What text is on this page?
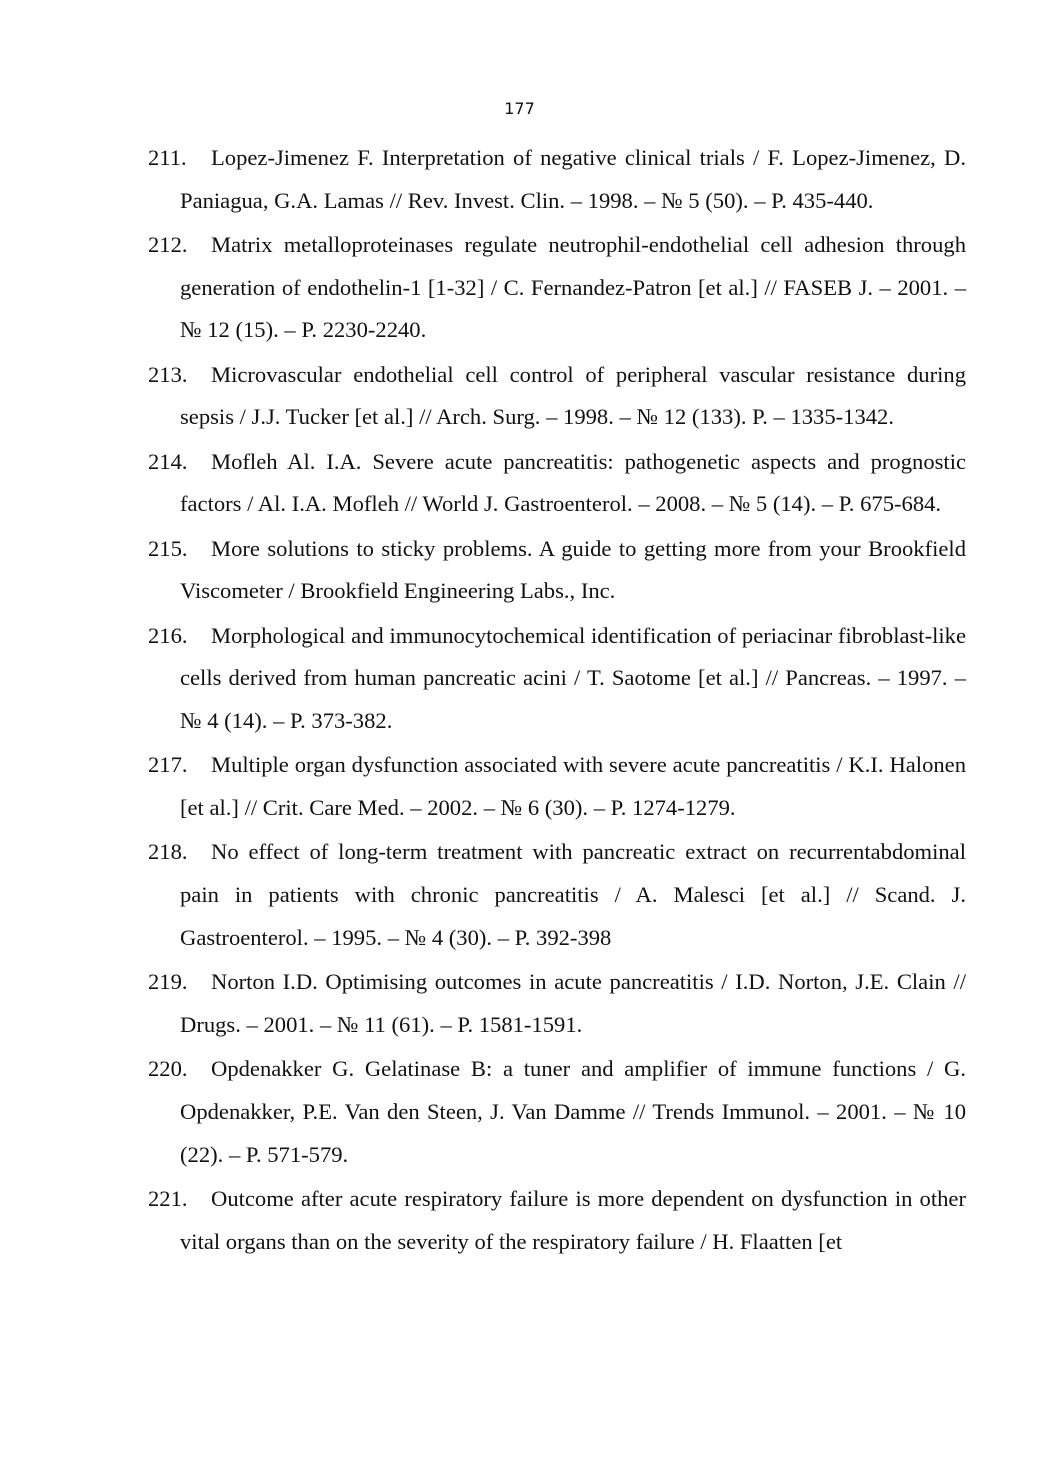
177
211. Lopez-Jimenez F. Interpretation of negative clinical trials / F. Lopez-Jimenez, D. Paniagua, G.A. Lamas // Rev. Invest. Clin. – 1998. – № 5 (50). – P. 435-440.
212. Matrix metalloproteinases regulate neutrophil-endothelial cell adhesion through generation of endothelin-1 [1-32] / C. Fernandez-Patron [et al.] // FASEB J. – 2001. – № 12 (15). – P. 2230-2240.
213. Microvascular endothelial cell control of peripheral vascular resistance during sepsis / J.J. Tucker [et al.] // Arch. Surg. – 1998. – № 12 (133). P. – 1335-1342.
214. Mofleh Al. I.A. Severe acute pancreatitis: pathogenetic aspects and prognostic factors / Al. I.A. Mofleh // World J. Gastroenterol. – 2008. – № 5 (14). – P. 675-684.
215. More solutions to sticky problems. A guide to getting more from your Brookfield Viscometer / Brookfield Engineering Labs., Inc.
216. Morphological and immunocytochemical identification of periacinar fibroblast-like cells derived from human pancreatic acini / T. Saotome [et al.] // Pancreas. – 1997. – № 4 (14). – P. 373-382.
217. Multiple organ dysfunction associated with severe acute pancreatitis / K.I. Halonen [et al.] // Crit. Care Med. – 2002. – № 6 (30). – P. 1274-1279.
218. No effect of long-term treatment with pancreatic extract on recurrentabdominal pain in patients with chronic pancreatitis / A. Malesci [et al.] // Scand. J. Gastroenterol. – 1995. – № 4 (30). – P. 392-398
219. Norton I.D. Optimising outcomes in acute pancreatitis / I.D. Norton, J.E. Clain // Drugs. – 2001. – № 11 (61). – P. 1581-1591.
220. Opdenakker G. Gelatinase B: a tuner and amplifier of immune functions / G. Opdenakker, P.E. Van den Steen, J. Van Damme // Trends Immunol. – 2001. – № 10 (22). – P. 571-579.
221. Outcome after acute respiratory failure is more dependent on dysfunction in other vital organs than on the severity of the respiratory failure / H. Flaatten [et
